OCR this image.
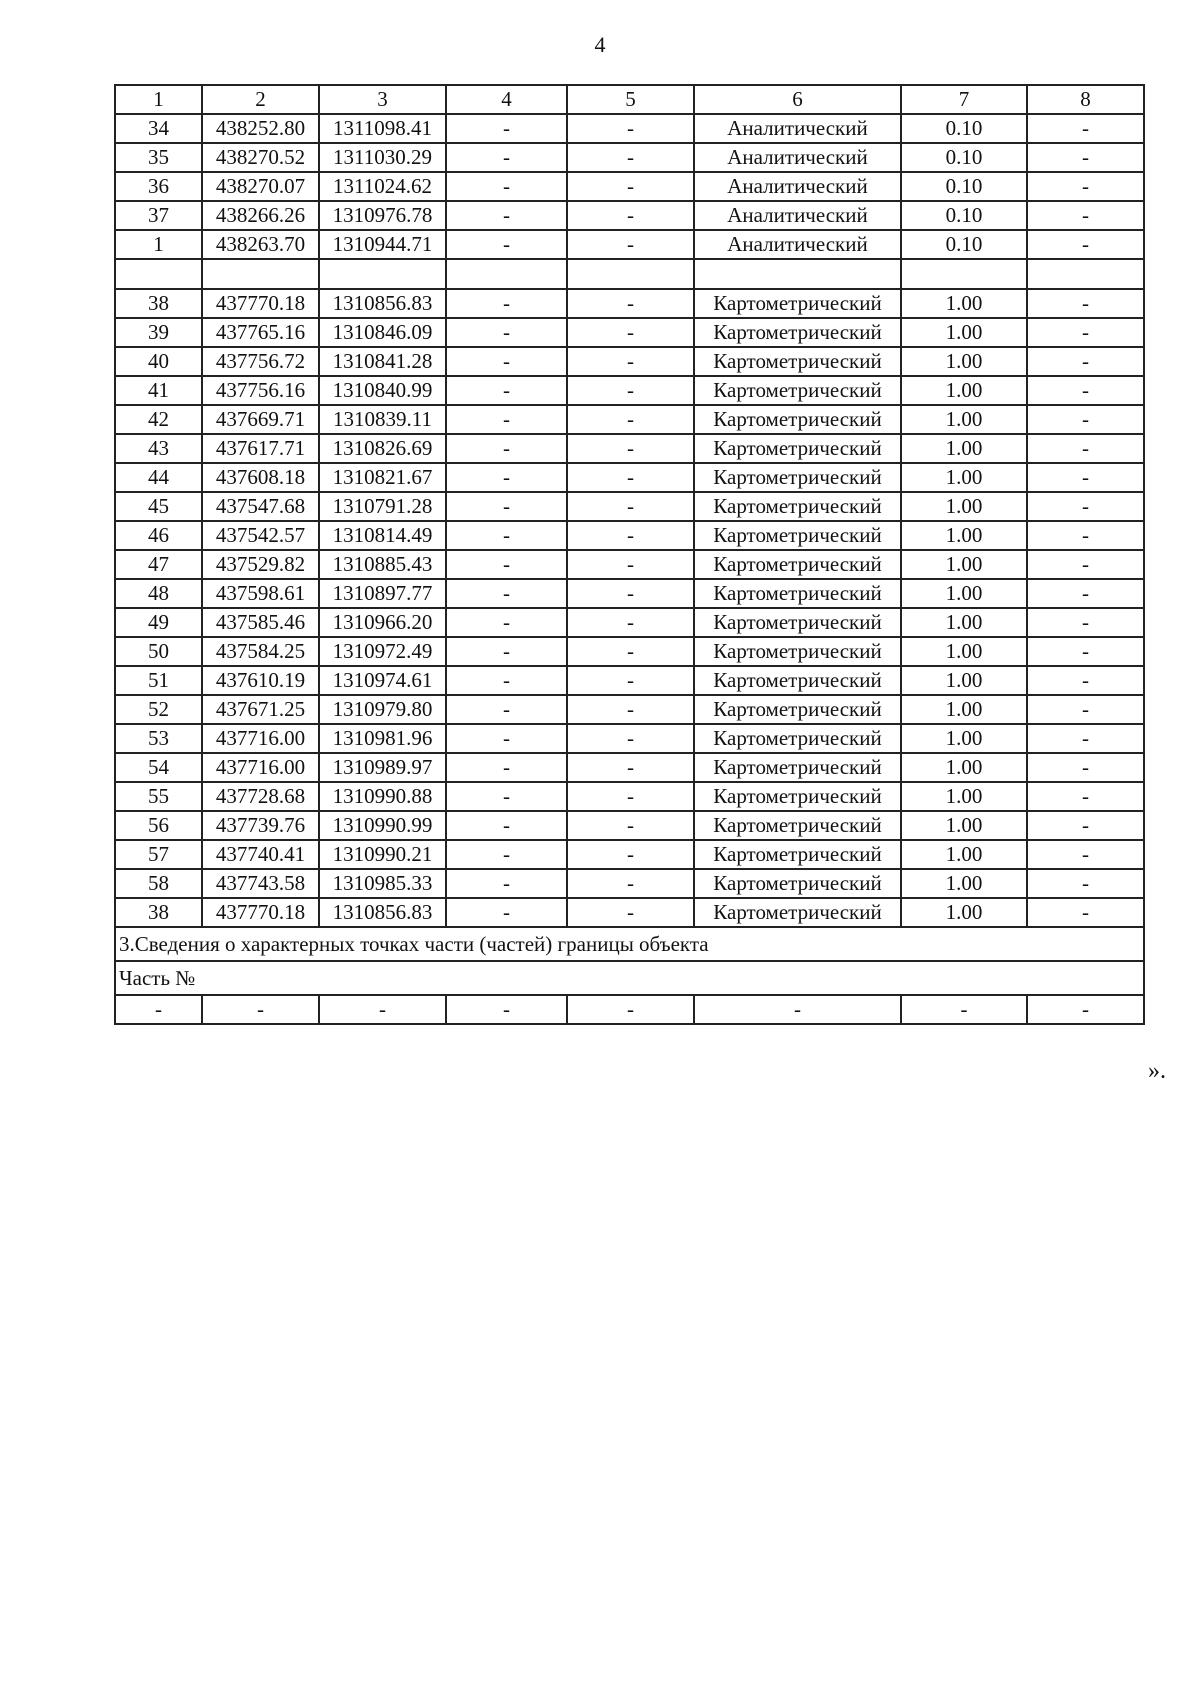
4
1	2	3	4	5	6	7	8
34	438252.80	1311098.41	-	-	Аналитический	0.10	-
35	438270.52	1311030.29	-	-	Аналитический	0.10	-
36	438270.07	1311024.62	-	-	Аналитический	0.10	-
37	438266.26	1310976.78	-	-	Аналитический	0.10	-
1	438263.70	1310944.71	-	-	Аналитический	0.10	-

38	437770.18	1310856.83	-	-	Картометрический	1.00	-
39	437765.16	1310846.09	-	-	Картометрический	1.00	-
40	437756.72	1310841.28	-	-	Картометрический	1.00	-
41	437756.16	1310840.99	-	-	Картометрический	1.00	-
42	437669.71	1310839.11	-	-	Картометрический	1.00	-
43	437617.71	1310826.69	-	-	Картометрический	1.00	-
44	437608.18	1310821.67	-	-	Картометрический	1.00	-
45	437547.68	1310791.28	-	-	Картометрический	1.00	-
46	437542.57	1310814.49	-	-	Картометрический	1.00	-
47	437529.82	1310885.43	-	-	Картометрический	1.00	-
48	437598.61	1310897.77	-	-	Картометрический	1.00	-
49	437585.46	1310966.20	-	-	Картометрический	1.00	-
50	437584.25	1310972.49	-	-	Картометрический	1.00	-
51	437610.19	1310974.61	-	-	Картометрический	1.00	-
52	437671.25	1310979.80	-	-	Картометрический	1.00	-
53	437716.00	1310981.96	-	-	Картометрический	1.00	-
54	437716.00	1310989.97	-	-	Картометрический	1.00	-
55	437728.68	1310990.88	-	-	Картометрический	1.00	-
56	437739.76	1310990.99	-	-	Картометрический	1.00	-
57	437740.41	1310990.21	-	-	Картометрический	1.00	-
58	437743.58	1310985.33	-	-	Картометрический	1.00	-
38	437770.18	1310856.83	-	-	Картометрический	1.00	-
3.Сведения о характерных точках части (частей) границы объекта							
Часть №							
-	-	-	-	-	-	-	-
».
